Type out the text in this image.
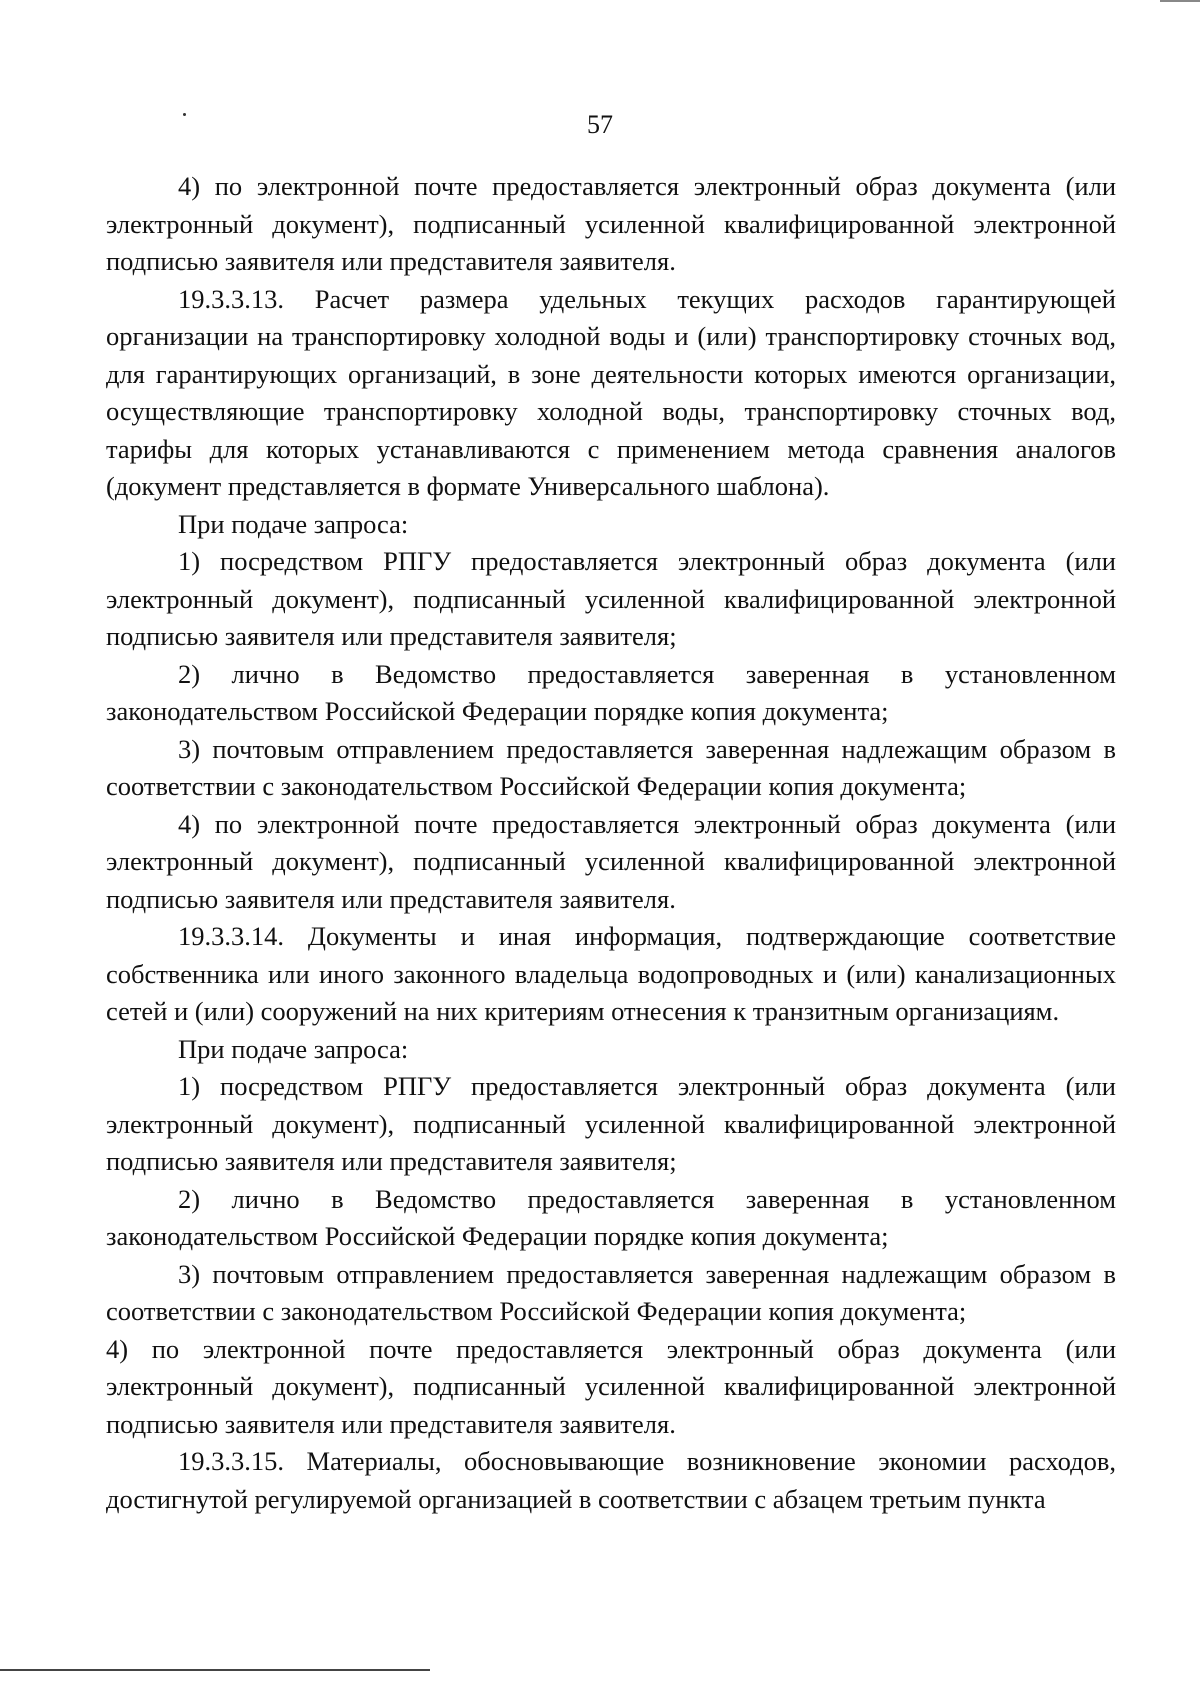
57

4) по электронной почте предоставляется электронный образ документа (или электронный документ), подписанный усиленной квалифицированной электронной подписью заявителя или представителя заявителя.

19.3.3.13. Расчет размера удельных текущих расходов гарантирующей организации на транспортировку холодной воды и (или) транспортировку сточных вод, для гарантирующих организаций, в зоне деятельности которых имеются организации, осуществляющие транспортировку холодной воды, транспортировку сточных вод, тарифы для которых устанавливаются с применением метода сравнения аналогов (документ представляется в формате Универсального шаблона).

При подаче запроса:

1) посредством РПГУ предоставляется электронный образ документа (или электронный документ), подписанный усиленной квалифицированной электронной подписью заявителя или представителя заявителя;

2) лично в Ведомство предоставляется заверенная в установленном законодательством Российской Федерации порядке копия документа;

3) почтовым отправлением предоставляется заверенная надлежащим образом в соответствии с законодательством Российской Федерации копия документа;

4) по электронной почте предоставляется электронный образ документа (или электронный документ), подписанный усиленной квалифицированной электронной подписью заявителя или представителя заявителя.

19.3.3.14. Документы и иная информация, подтверждающие соответствие собственника или иного законного владельца водопроводных и (или) канализационных сетей и (или) сооружений на них критериям отнесения к транзитным организациям.

При подаче запроса:

1) посредством РПГУ предоставляется электронный образ документа (или электронный документ), подписанный усиленной квалифицированной электронной подписью заявителя или представителя заявителя;

2) лично в Ведомство предоставляется заверенная в установленном законодательством Российской Федерации порядке копия документа;

3) почтовым отправлением предоставляется заверенная надлежащим образом в соответствии с законодательством Российской Федерации копия документа;

4) по электронной почте предоставляется электронный образ документа (или электронный документ), подписанный усиленной квалифицированной электронной подписью заявителя или представителя заявителя.

19.3.3.15. Материалы, обосновывающие возникновение экономии расходов, достигнутой регулируемой организацией в соответствии с абзацем третьим пункта
